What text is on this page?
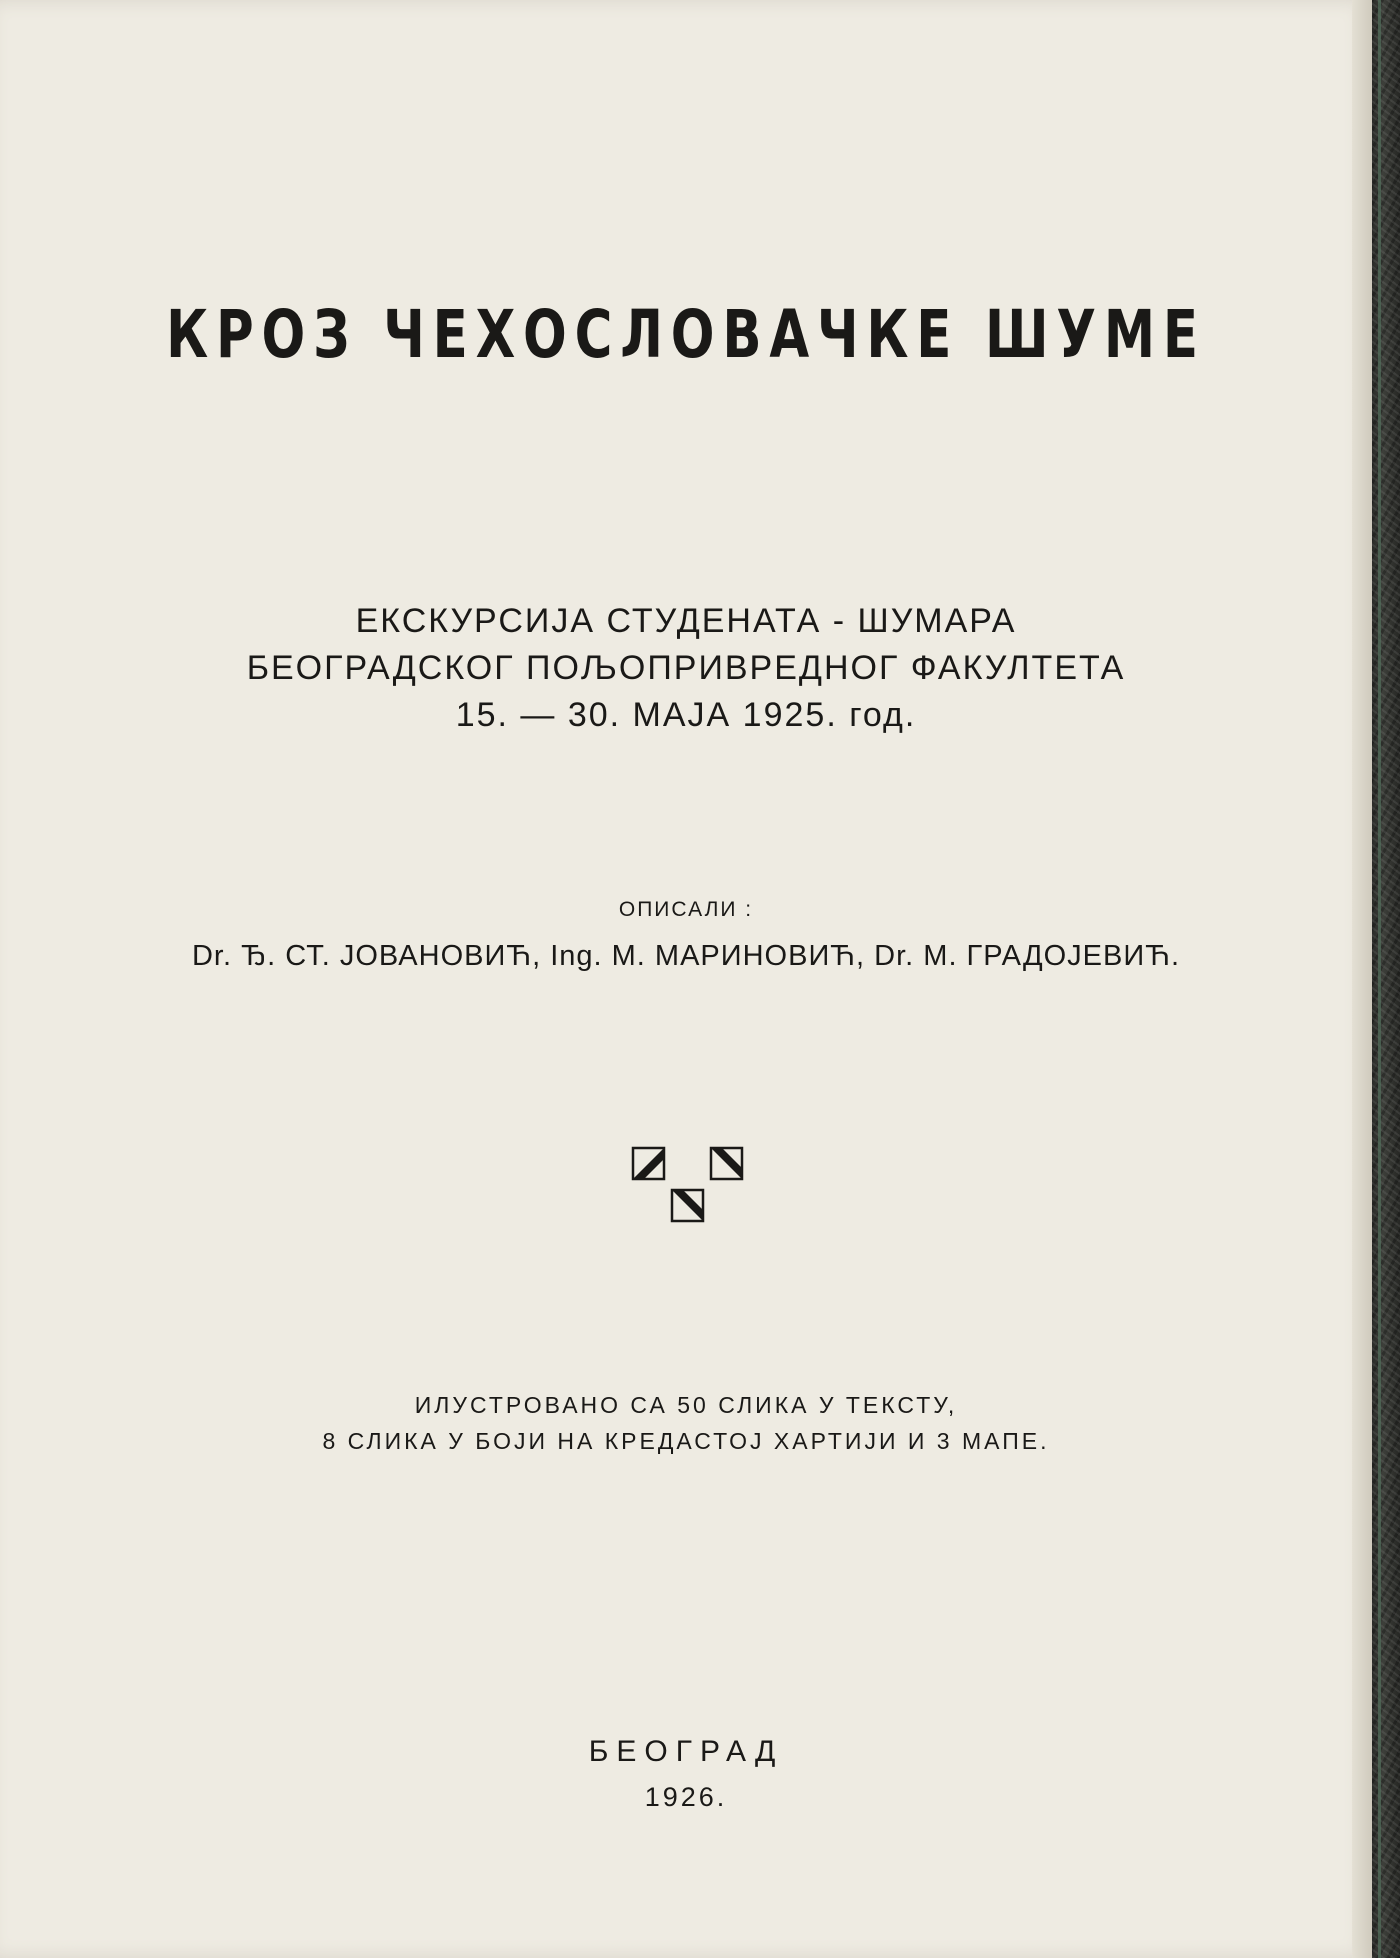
КРОЗ ЧЕХОСЛОВАЧКЕ ШУМЕ
ЕКСКУРСИЈА СТУДЕНАТА - ШУМАРА
БЕОГРАДСКОГ ПОЉОПРИВРЕДНОГ ФАКУЛТЕТА
15. — 30. МАЈА 1925. год.
ОПИСАЛИ :
Dr. Ђ. СТ. ЈОВАНОВИЋ, Ing. М. МАРИНОВИЋ, Dr. М. ГРАДОЈЕВИЋ.
ИЛУСТРОВАНО СА 50 СЛИКА У ТЕКСТУ,
8 СЛИКА У БОЈИ НА КРЕДАСТОЈ ХАРТИЈИ И 3 МАПЕ.
БЕОГРАД
1926.
